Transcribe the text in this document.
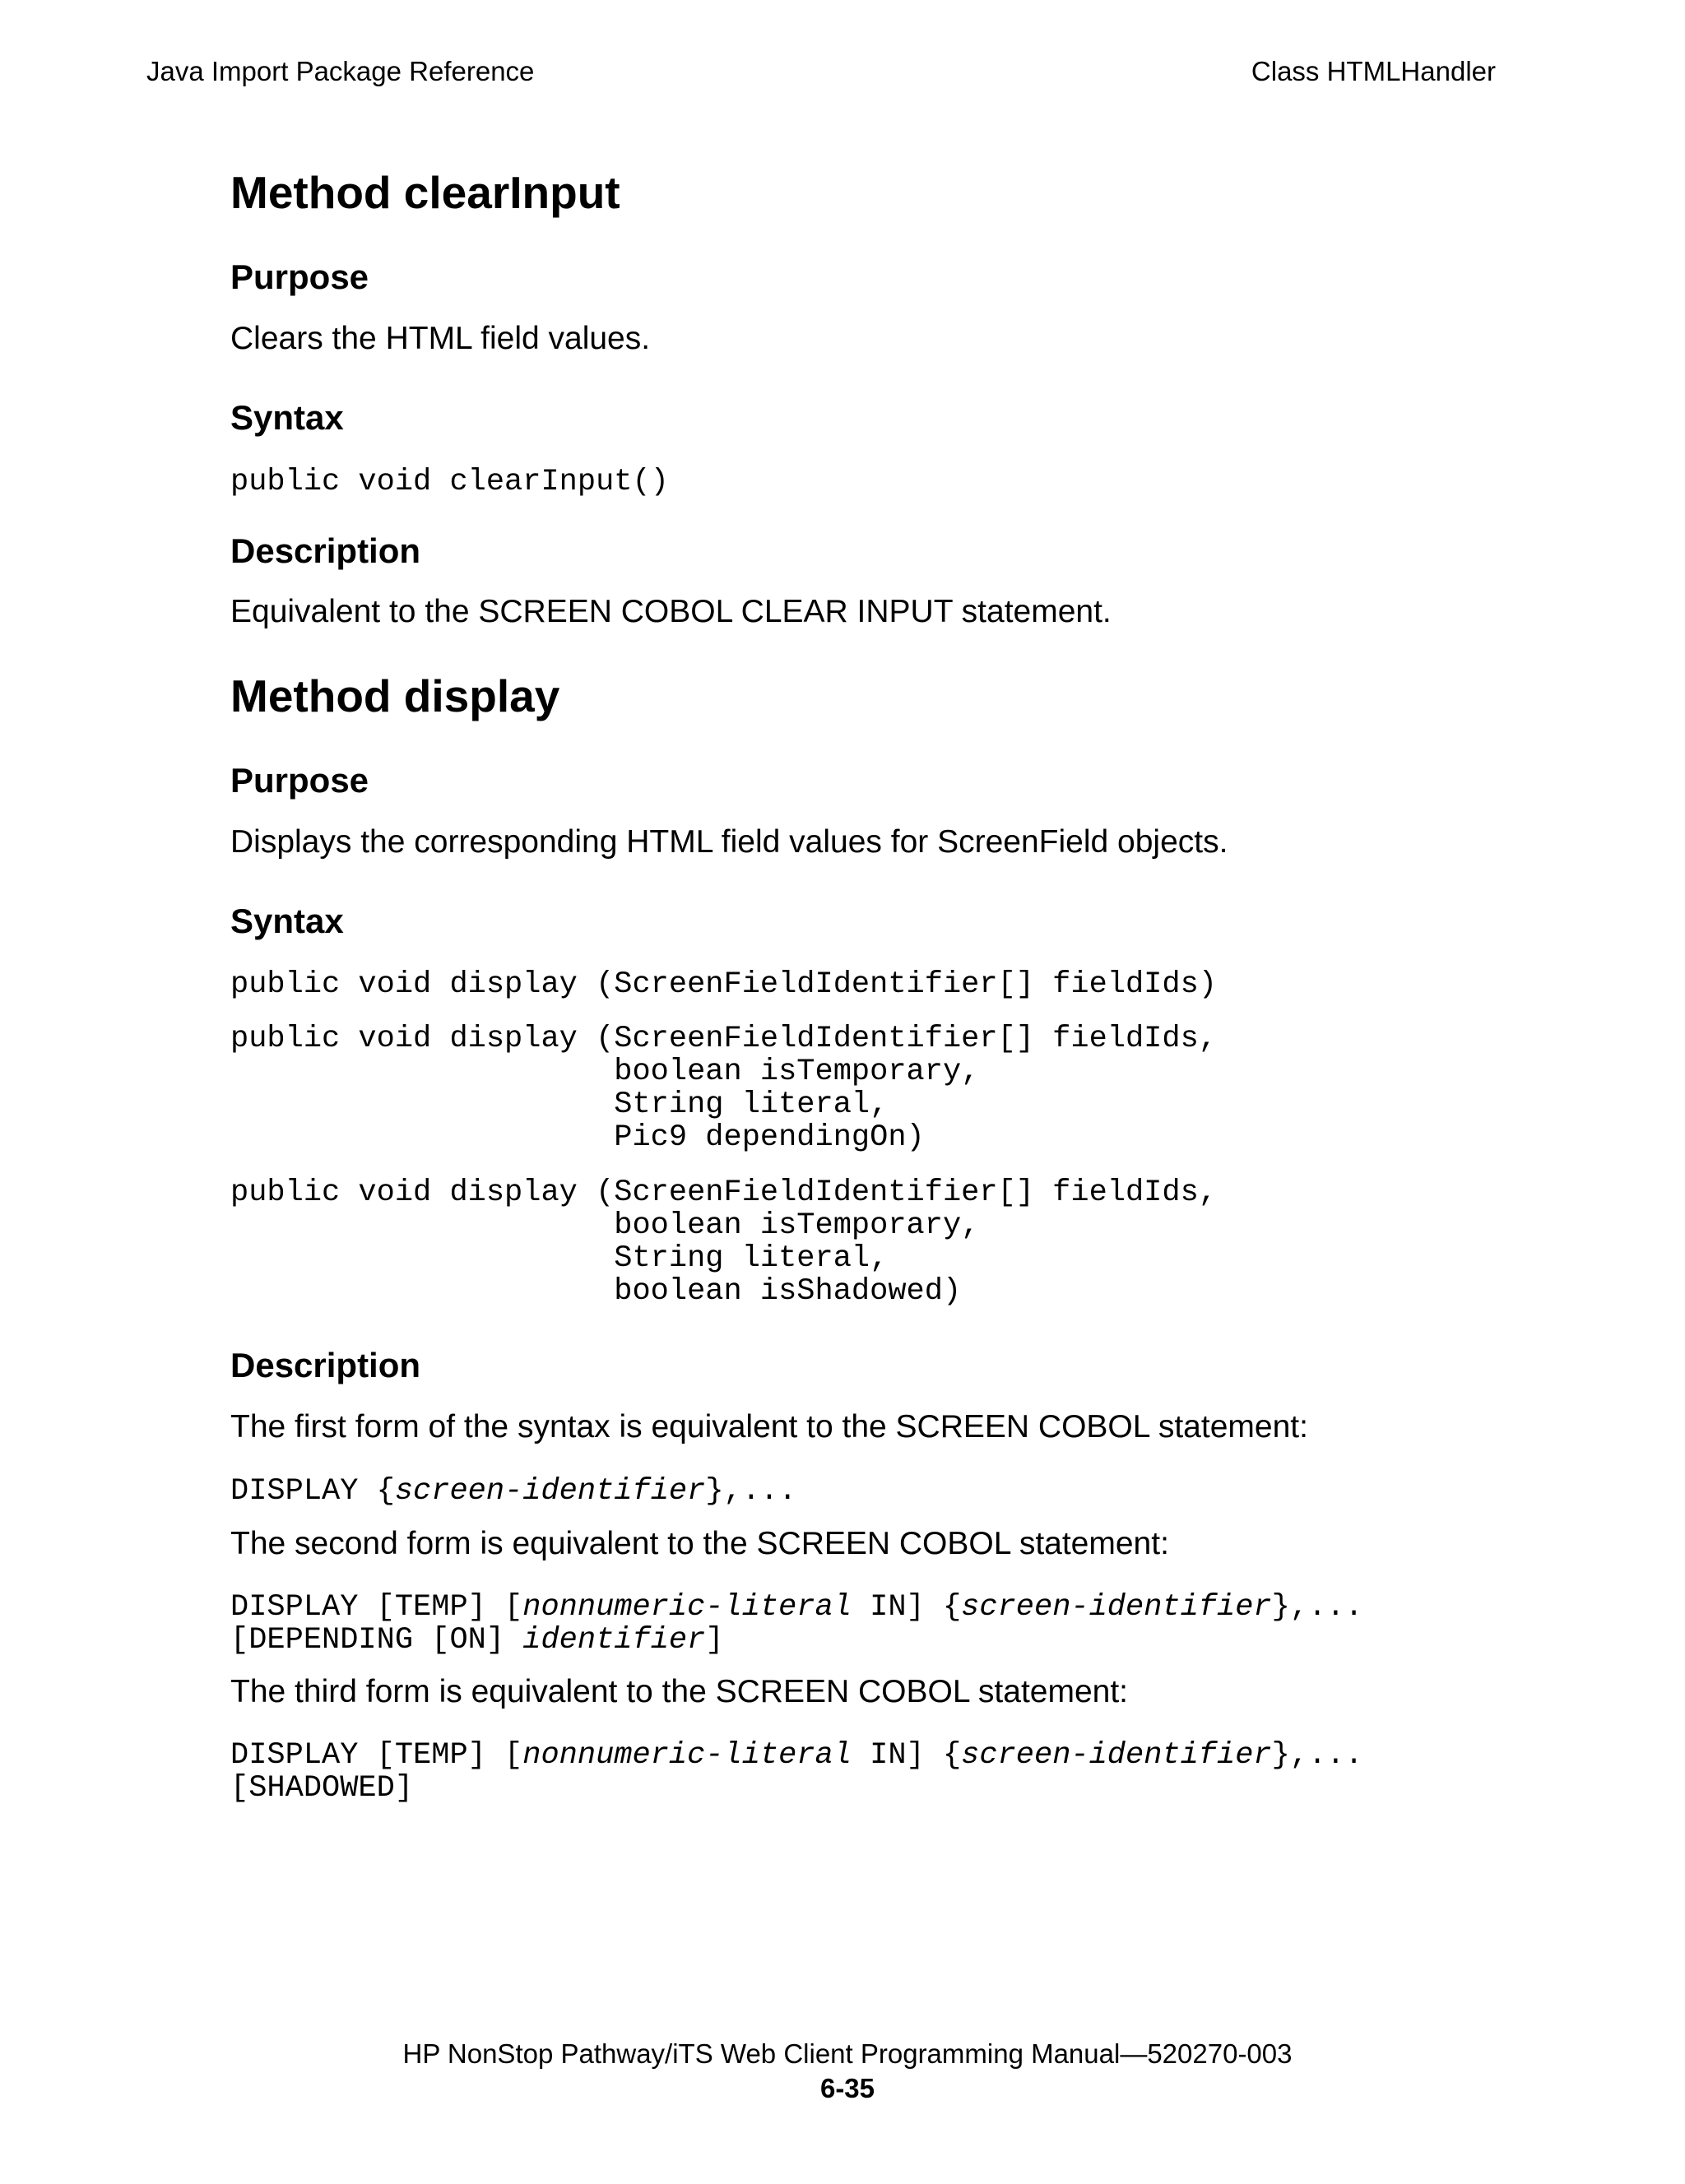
Java Import Package Reference	Class HTMLHandler
Method clearInput
Purpose
Clears the HTML field values.
Syntax
public void clearInput()
Description
Equivalent to the SCREEN COBOL CLEAR INPUT statement.
Method display
Purpose
Displays the corresponding HTML field values for ScreenField objects.
Syntax
public void display (ScreenFieldIdentifier[] fieldIds)
public void display (ScreenFieldIdentifier[] fieldIds,
boolean isTemporary,
String literal,
Pic9 dependingOn)
public void display (ScreenFieldIdentifier[] fieldIds,
boolean isTemporary,
String literal,
boolean isShadowed)
Description
The first form of the syntax is equivalent to the SCREEN COBOL statement:
DISPLAY {screen-identifier},...
The second form is equivalent to the SCREEN COBOL statement:
DISPLAY [TEMP] [nonnumeric-literal IN] {screen-identifier},...
[DEPENDING [ON] identifier]
The third form is equivalent to the SCREEN COBOL statement:
DISPLAY [TEMP] [nonnumeric-literal IN] {screen-identifier},...
[SHADOWED]
HP NonStop Pathway/iTS Web Client Programming Manual—520270-003
6-35
